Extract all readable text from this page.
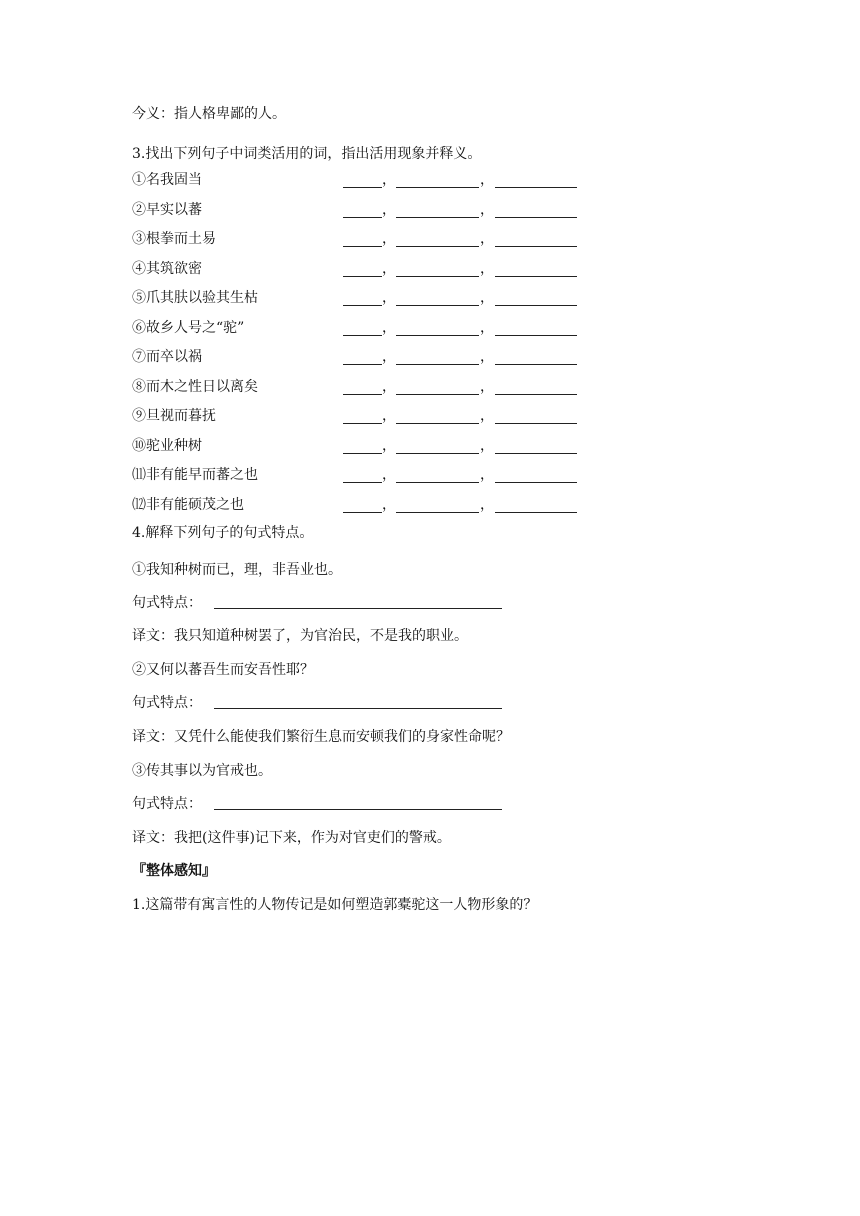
今义：指人格卑鄙的人。
3.找出下列句子中词类活用的词，指出活用现象并释义。
①名我固当	，	，
②早实以蕃	，	，
③根拳而土易	，	，
④其筑欲密	，	，
⑤爪其肤以验其生枯	，	，
⑥故乡人号之“驼”	，	，
⑦而卒以祸	，	，
⑧而木之性日以离矣	，	，
⑨旦视而暮抚	，	，
⑩驼业种树	，	，
⑾非有能早而蕃之也	，	，
⑿非有能硕茂之也	，	，
4.解释下列句子的句式特点。
①我知种树而已，理，非吾业也。
句式特点：
译文：我只知道种树罢了，为官治民，不是我的职业。
②又何以蕃吾生而安吾性耶？
句式特点：
译文：又凭什么能使我们繁衍生息而安顿我们的身家性命呢？
③传其事以为官戒也。
句式特点：
译文：我把(这件事)记下来，作为对官吏们的警戒。
『整体感知』
1.这篇带有寓言性的人物传记是如何塑造郭橐驼这一人物形象的？
